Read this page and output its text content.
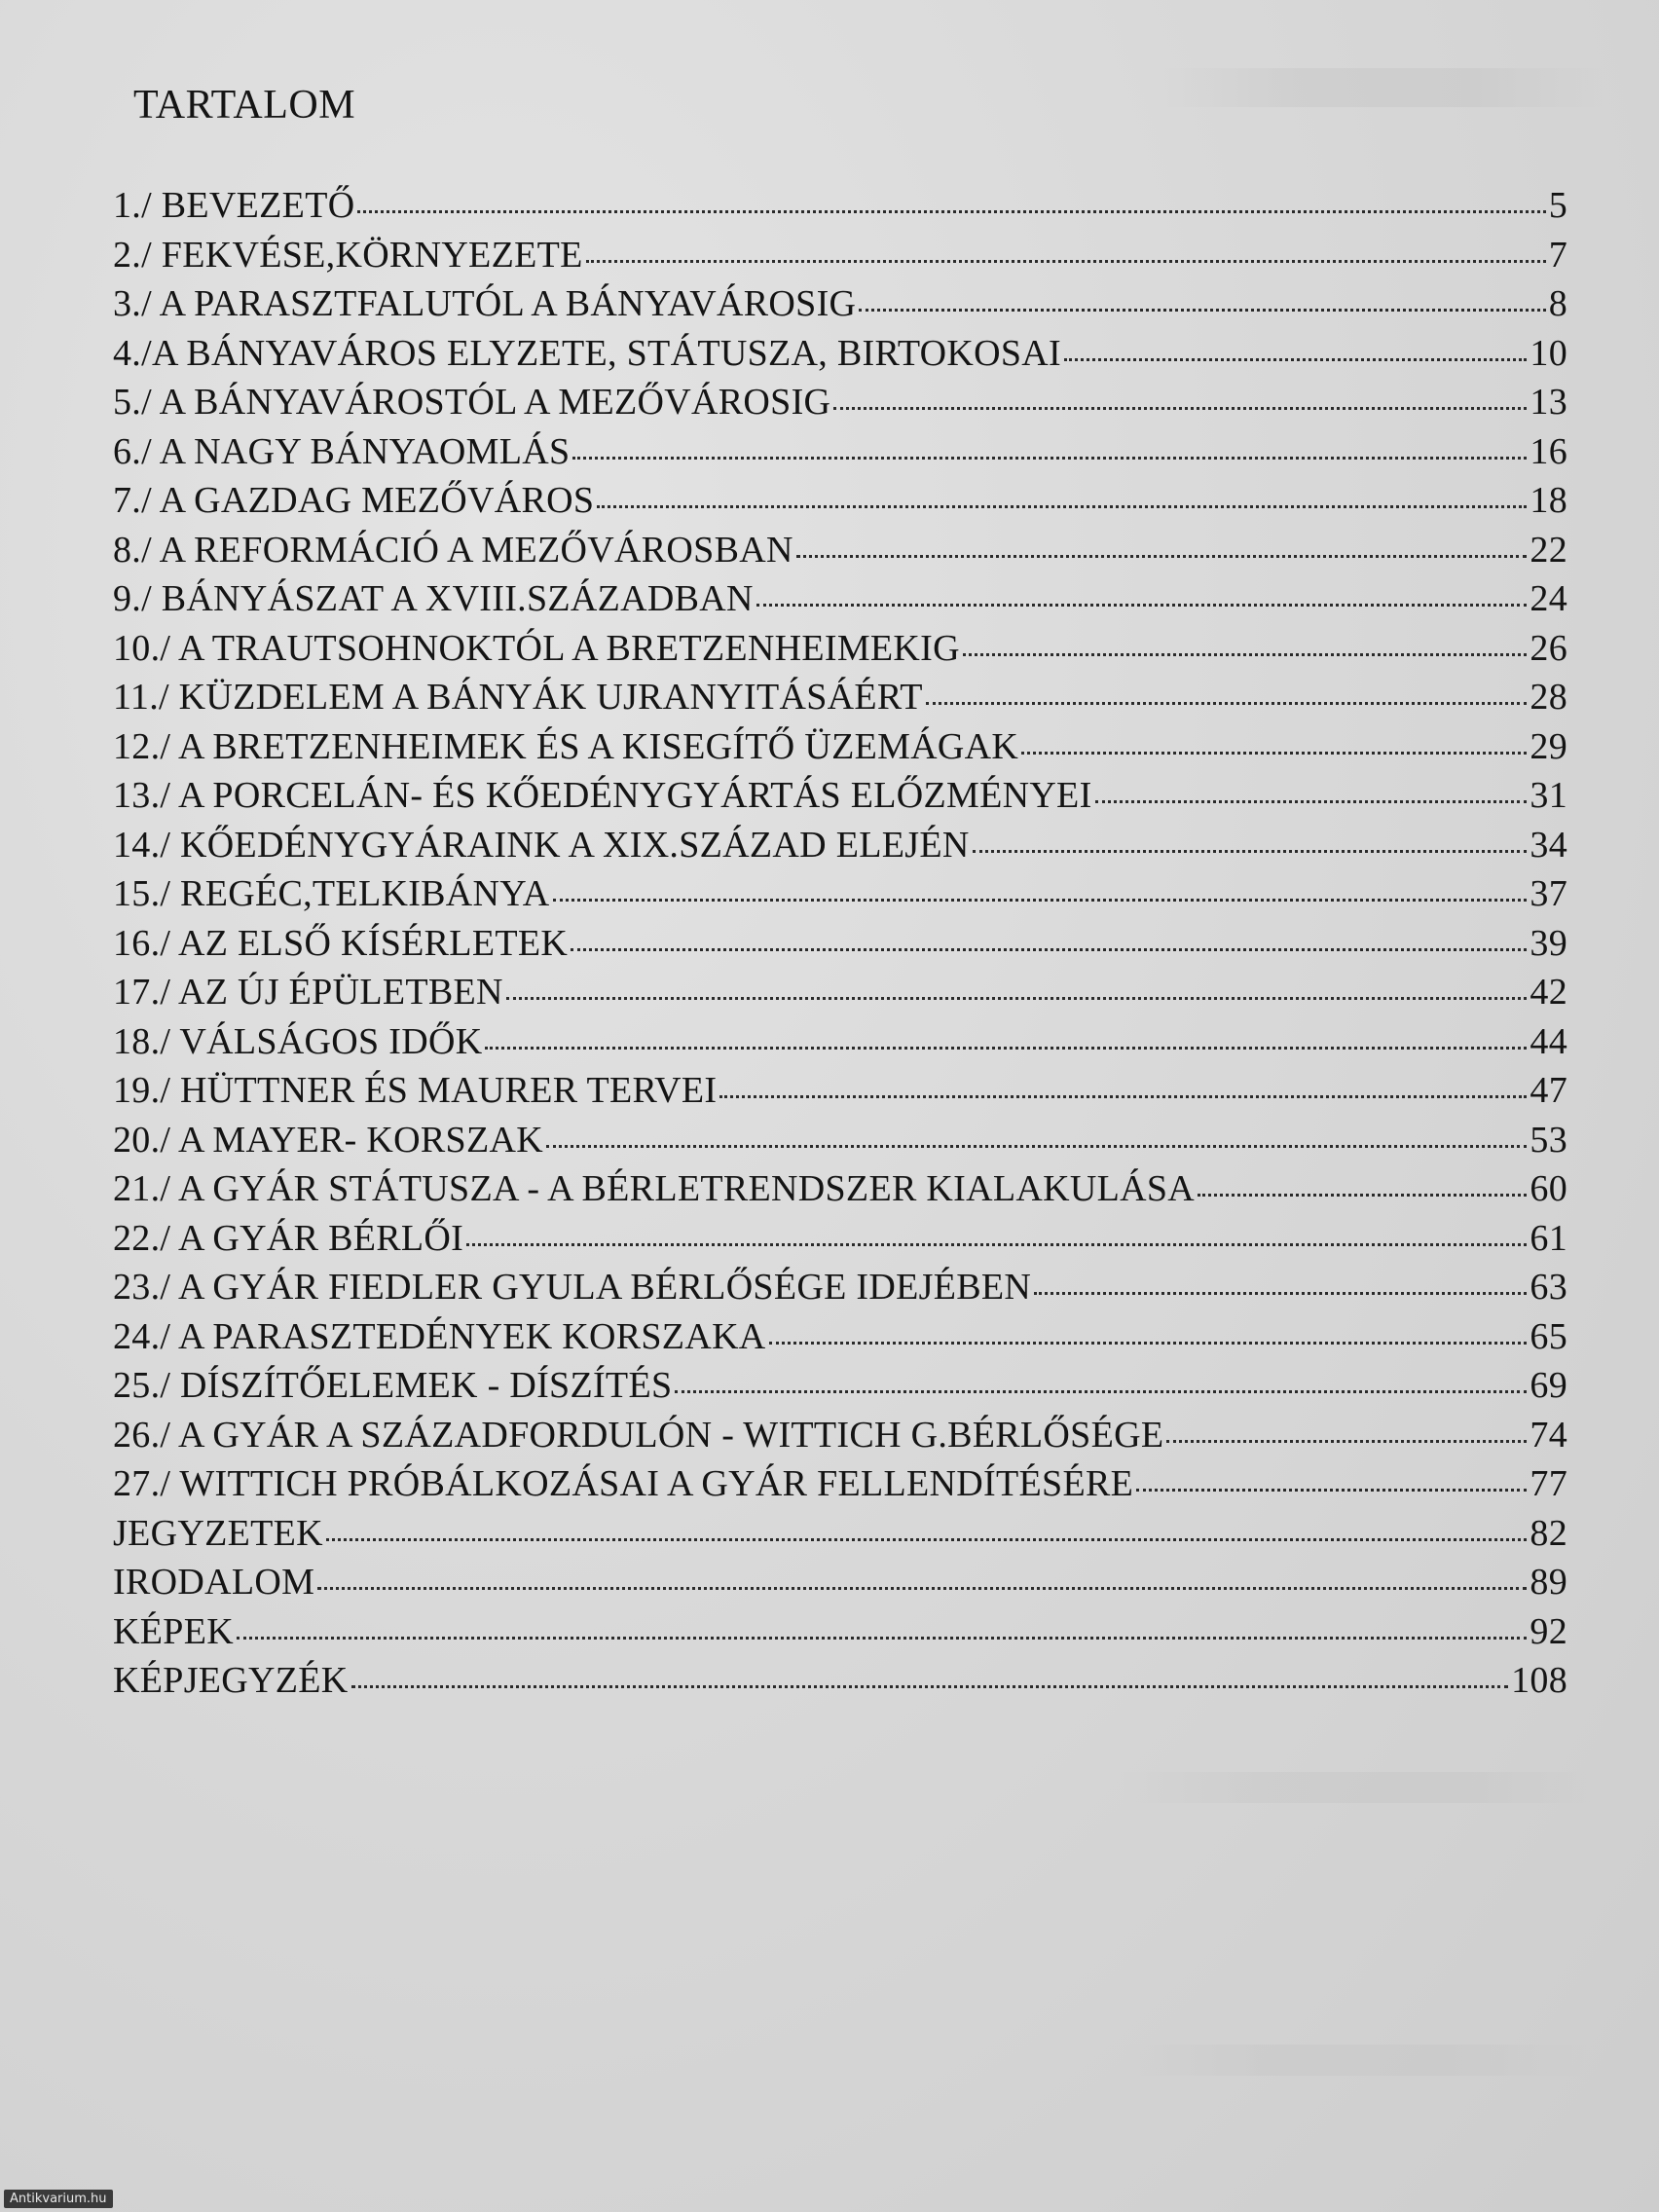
TARTALOM
1./ BEVEZETŐ	5
2./ FEKVÉSE,KÖRNYEZETE	7
3./ A PARASZTFALUTÓL A BÁNYAVÁROSIG	8
4./A BÁNYAVÁROS ELYZETE, STÁTUSZA, BIRTOKOSAI	10
5./ A BÁNYAVÁROSTÓL A MEZŐVÁROSIG	13
6./ A NAGY BÁNYAOMLÁS	16
7./ A GAZDAG MEZŐVÁROS	18
8./ A REFORMÁCIÓ A MEZŐVÁROSBAN	22
9./ BÁNYÁSZAT A XVIII.SZÁZADBAN	24
10./ A TRAUTSOHNOKTÓL A BRETZENHEIMEKIG	26
11./ KÜZDELEM A BÁNYÁK UJRANYITÁSÁÉRT	28
12./ A BRETZENHEIMEK ÉS A KISEGÍTŐ ÜZEMÁGAK	29
13./ A PORCELÁN- ÉS KŐEDÉNYGYÁRTÁS ELŐZMÉNYEI	31
14./ KŐEDÉNYGYÁRAINK A XIX.SZÁZAD ELEJÉN	34
15./ REGÉC,TELKIBÁNYA	37
16./ AZ ELSŐ KÍSÉRLETEK	39
17./ AZ ÚJ ÉPÜLETBEN	42
18./ VÁLSÁGOS IDŐK	44
19./ HÜTTNER ÉS MAURER TERVEI	47
20./ A MAYER- KORSZAK	53
21./ A GYÁR STÁTUSZA - A BÉRLETRENDSZER KIALAKULÁSA	60
22./ A GYÁR BÉRLŐI	61
23./ A GYÁR FIEDLER GYULA BÉRLŐSÉGE IDEJÉBEN	63
24./ A PARASZTEDÉNYEK KORSZAKA	65
25./ DÍSZÍTŐELEMEK - DÍSZÍTÉS	69
26./ A GYÁR A SZÁZADFORDULÓN - WITTICH G.BÉRLŐSÉGE	74
27./ WITTICH PRÓBÁLKOZÁSAI A GYÁR FELLENDÍTÉSÉRE	77
JEGYZETEK	82
IRODALOM	89
KÉPEK	92
KÉPJEGYZÉK	108
Antikvarium.hu
